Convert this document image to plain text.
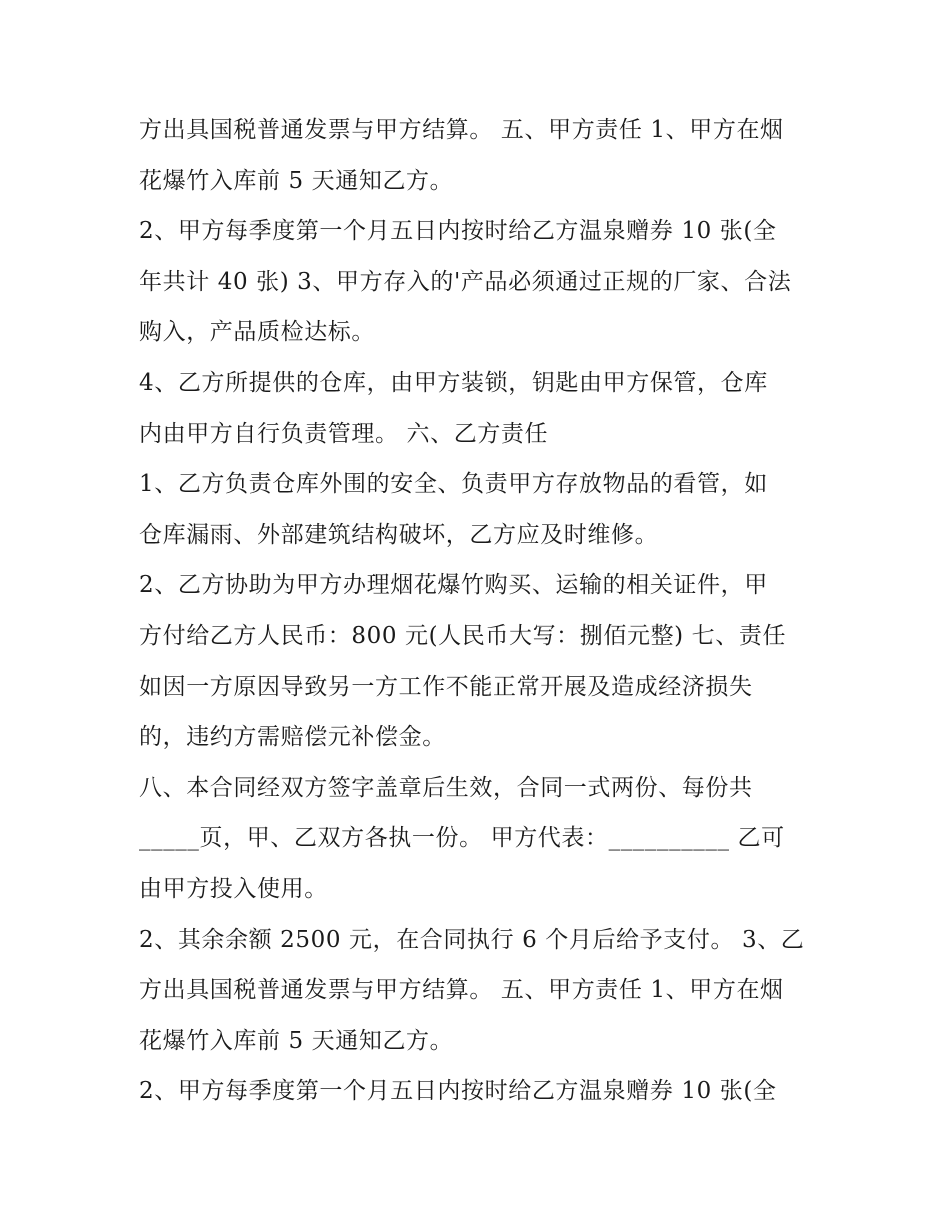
方出具国税普通发票与甲方结算。 五、甲方责任 1、甲方在烟
花爆竹入库前 5 天通知乙方。
2、甲方每季度第一个月五日内按时给乙方温泉赠券 10 张(全
年共计 40 张) 3、甲方存入的'产品必须通过正规的厂家、合法
购入，产品质检达标。
4、乙方所提供的仓库，由甲方装锁，钥匙由甲方保管，仓库
内由甲方自行负责管理。 六、乙方责任
1、乙方负责仓库外围的安全、负责甲方存放物品的看管，如
仓库漏雨、外部建筑结构破坏，乙方应及时维修。
2、乙方协助为甲方办理烟花爆竹购买、运输的相关证件，甲
方付给乙方人民币：800 元(人民币大写：捌佰元整) 七、责任
如因一方原因导致另一方工作不能正常开展及造成经济损失
的，违约方需赔偿元补偿金。
八、本合同经双方签字盖章后生效，合同一式两份、每份共
_____页，甲、乙双方各执一份。 甲方代表：__________ 乙可
由甲方投入使用。
2、其余余额 2500 元，在合同执行 6 个月后给予支付。 3、乙
方出具国税普通发票与甲方结算。 五、甲方责任 1、甲方在烟
花爆竹入库前 5 天通知乙方。
2、甲方每季度第一个月五日内按时给乙方温泉赠券 10 张(全
